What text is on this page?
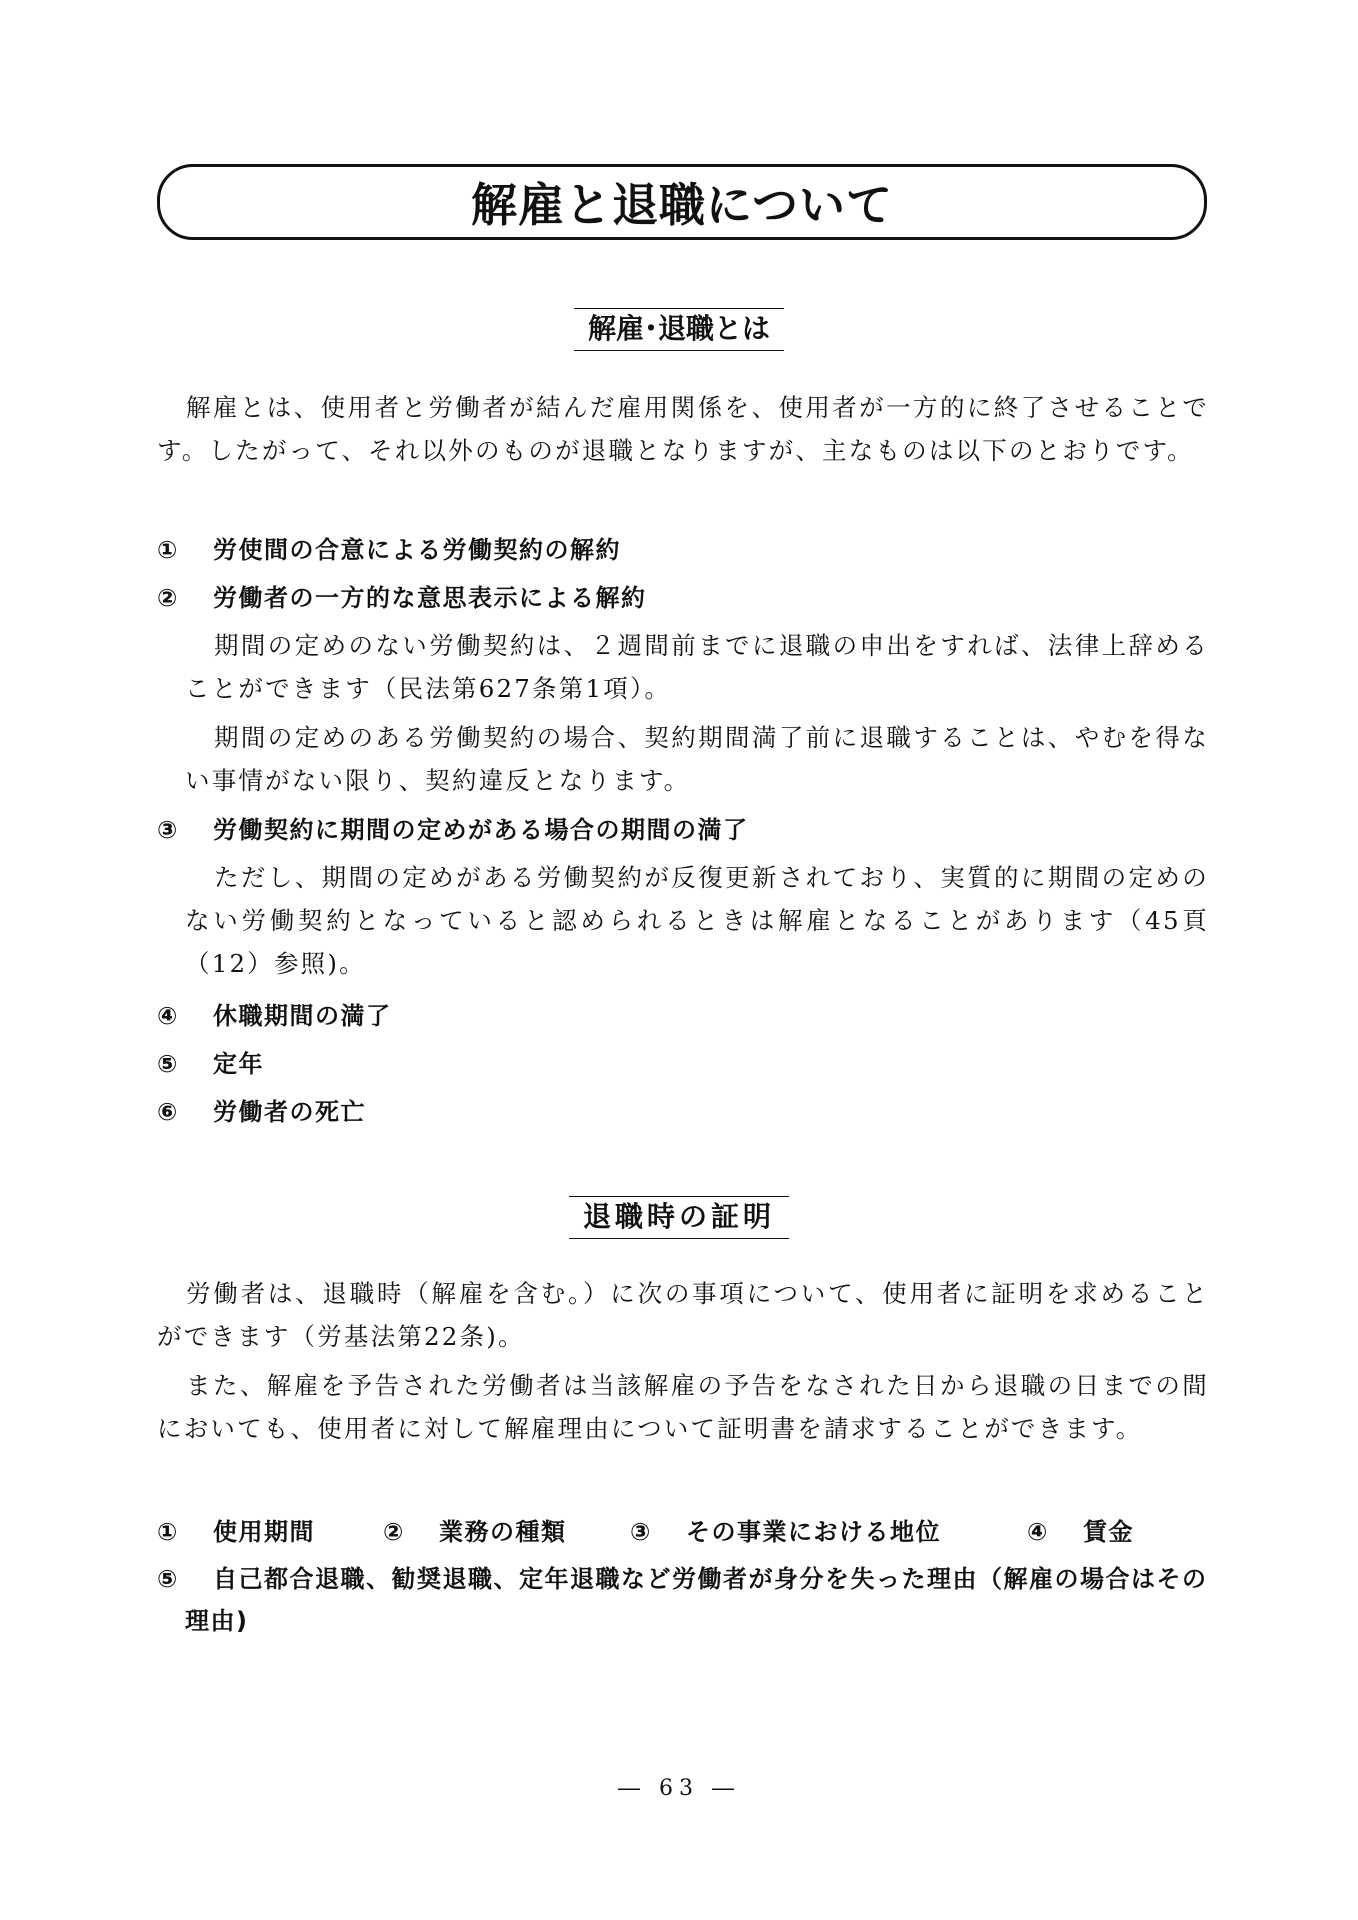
解雇と退職について
解雇･退職とは

解雇とは、使用者と労働者が結んだ雇用関係を、使用者が一方的に終了させることです。したがって、それ以外のものが退職となりますが、主なものは以下のとおりです。

① 労使間の合意による労働契約の解約
② 労働者の一方的な意思表示による解約

期間の定めのない労働契約は、２週間前までに退職の申出をすれば、法律上辞めることができます（民法第627条第1項）。

期間の定めのある労働契約の場合、契約期間満了前に退職することは、やむを得ない事情がない限り、契約違反となります。

③ 労働契約に期間の定めがある場合の期間の満了

ただし、期間の定めがある労働契約が反復更新されており、実質的に期間の定めのない労働契約となっていると認められるときは解雇となることがあります（45頁（12）参照)。

④ 休職期間の満了
⑤ 定年
⑥ 労働者の死亡
退職時の証明

労働者は、退職時（解雇を含む。）に次の事項について、使用者に証明を求めることができます（労基法第22条)。

また、解雇を予告された労働者は当該解雇の予告をなされた日から退職の日までの間においても、使用者に対して解雇理由について証明書を請求することができます。

① 使用期間	② 業務の種類	③ その事業における地位	④ 賃金
⑤ 自己都合退職、勧奨退職、定年退職など労働者が身分を失った理由（解雇の場合はその理由)
― 63 ―
